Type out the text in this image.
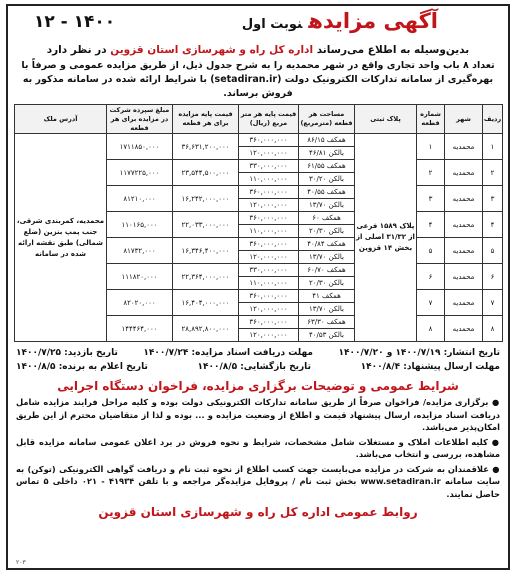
۱۲ - ۱۴۰۰	آگهی مزایدهنوبت اول
بدین‌وسیله به اطلاع می‌رساند اداره کل راه و شهرسازی استان قزوین در نظر دارد
تعداد ۸ باب واحد تجاری واقع در شهر محمدیه را به شرح جدول ذیل، از طریق مزایده عمومی و صرفاً با بهره‌گیری از سامانه تدارکات الکترونیک دولت (setadiran.ir) با شرایط ارائه شده در سامانه مذکور به فروش برساند.
ردیف	شهر	شماره قطعه	پلاک ثبتی	مساحت هر قطعه (مترمربع)	قیمت پایه هر متر مربع (ریال)	قیمت پایه مزایده برای هر قطعه	مبلغ سپرده شرکت در مزایده برای هر قطعه	آدرس ملک
۱	محمدیه	۱	پلاک ۱۵۸۹ فرعی از ۳۱/۳۲ اصلی از بخش ۱۴ قزوین	همکف ۸۶/۱۵	۳۶۰,۰۰۰,۰۰۰	۳۶,۶۳۱,۲۰۰,۰۰۰	۱۷۱۱۸۵۰,۰۰۰	محمدیه، کمربندی شرقی، جنب پمپ بنزین (ضلع شمالی) طبق نقشه ارائه شده در سامانه
				بالکن ۴۶/۸۱	۱۲۰,۰۰۰,۰۰۰			
۲	محمدیه	۲		همکف ۶۱/۵۵	۳۳۰,۰۰۰,۰۰۰	۲۳,۵۴۴,۵۰۰,۰۰۰	۱۱۷۷۲۲۵,۰۰۰	
				بالکن ۳۰/۲۰	۱۱۰,۰۰۰,۰۰۰			
۳	محمدیه	۳		همکف ۴۰/۵۵	۳۶۰,۰۰۰,۰۰۰	۱۶,۲۴۲,۰۰۰,۰۰۰	۸۱۲۱۰,۰۰۰	
				بالکن ۱۳/۷۰	۱۲۰,۰۰۰,۰۰۰			
۴	محمدیه	۴		همکف ۶۰	۳۶۰,۰۰۰,۰۰۰	۲۲,۰۳۳,۰۰۰,۰۰۰	۱۱۰۱۶۵,۰۰۰	
				بالکن ۲۰/۳۰	۱۱۰,۰۰۰,۰۰۰			
۵	محمدیه	۵		همکف ۴۰/۸۴	۳۶۰,۰۰۰,۰۰۰	۱۶,۳۴۶,۴۰۰,۰۰۰	۸۱۷۳۲,۰۰۰	
				بالکن ۱۳/۷۰	۱۲۰,۰۰۰,۰۰۰			
۶	محمدیه	۶		همکف ۶۰/۷۰	۳۳۰,۰۰۰,۰۰۰	۲۲,۳۶۴,۰۰۰,۰۰۰	۱۱۱۸۲۰,۰۰۰	
				بالکن ۲۰/۳۰	۱۱۰,۰۰۰,۰۰۰			
۷	محمدیه	۷		همکف ۴۱	۳۶۰,۰۰۰,۰۰۰	۱۶,۴۰۴,۰۰۰,۰۰۰	۸۲۰۲۰,۰۰۰	
				بالکن ۱۳/۷۰	۱۲۰,۰۰۰,۰۰۰			
۸	محمدیه	۸		همکف ۶۳/۳۰	۳۶۰,۰۰۰,۰۰۰	۲۸,۸۹۲,۸۰۰,۰۰۰	۱۴۴۴۶۴,۰۰۰	
				بالکن ۴۰/۵۳	۱۲۰,۰۰۰,۰۰۰			
تاریخ انتشار: ۱۴۰۰/۷/۱۹ و ۱۴۰۰/۷/۲۰
مهلت دریافت اسناد مزایده: ۱۴۰۰/۷/۲۴
تاریخ بازدید: ۱۴۰۰/۷/۲۵
مهلت ارسال پیشنهاد: ۱۴۰۰/۸/۴
تاریخ بازگشایی: ۱۴۰۰/۸/۵
تاریخ اعلام به برنده: ۱۴۰۰/۸/۵
شرایط عمومی و توضیحات برگزاری مزایده، فراخوان دستگاه اجرایی

● برگزاری مزایده/ فراخوان صرفاً از طریق سامانه تدارکات الکترونیکی دولت بوده و کلیه مراحل فرایند مزایده شامل دریافت اسناد مزایده، ارسال پیشنهاد قیمت و اطلاع از وضعیت مزایده و ... بوده و لذا از متقاضیان محترم از این طریق امکان‌پذیر می‌باشد.

● کلیه اطلاعات املاک و مستغلات شامل مشخصات، شرایط و نحوه فروش در برد اعلان عمومی سامانه مزایده قابل مشاهده، بررسی و انتخاب می‌باشد.

● علاقمندان به شرکت در مزایده می‌بایست جهت کسب اطلاع از نحوه ثبت نام و دریافت گواهی الکترونیکی (توکن) به سایت سامانه www.setadiran.ir بخش ثبت نام / پروفایل مزایده‌گر مراجعه و با تلفن ۴۱۹۳۴ - ۰۲۱ داخلی ۵ تماس حاصل نمایند.

روابط عمومی اداره کل راه و شهرسازی استان قزوین
۲۰۳
